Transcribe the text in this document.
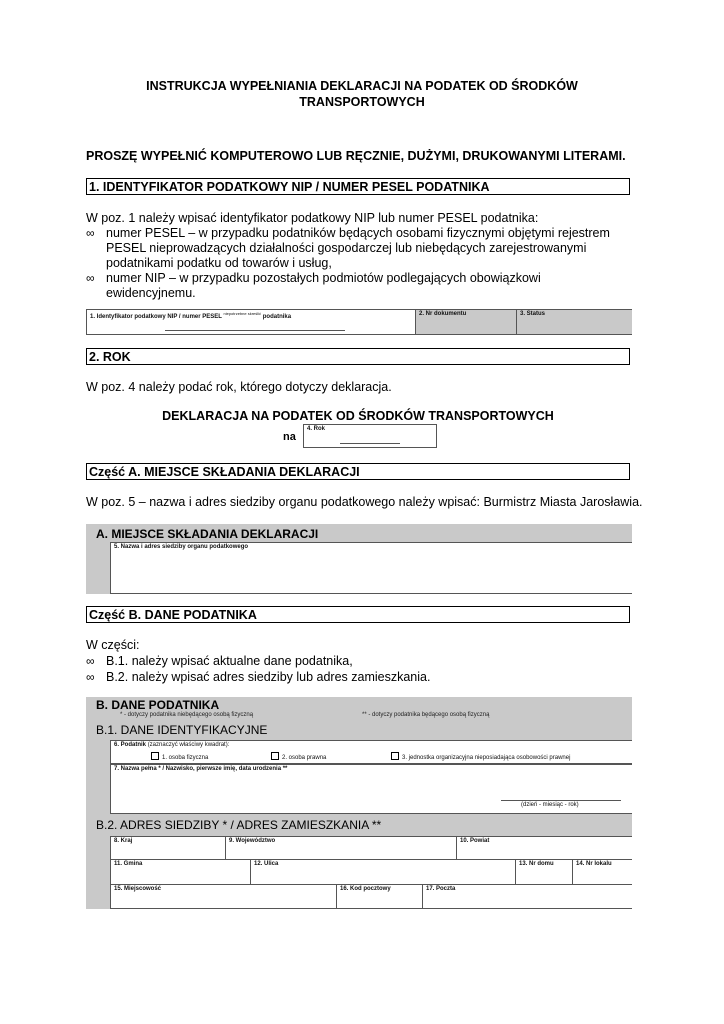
INSTRUKCJA WYPEŁNIANIA DEKLARACJI NA PODATEK OD ŚRODKÓW
TRANSPORTOWYCH
PROSZĘ WYPEŁNIĆ KOMPUTEROWO LUB RĘCZNIE, DUŻYMI, DRUKOWANYMI LITERAMI.
1. IDENTYFIKATOR PODATKOWY NIP / NUMER PESEL PODATNIKA
W poz. 1 należy wpisać identyfikator podatkowy NIP lub numer PESEL podatnika:
∞ numer PESEL – w przypadku podatników będących osobami fizycznymi objętymi rejestrem
PESEL nieprowadzących działalności gospodarczej lub niebędących zarejestrowanymi
podatnikami podatku od towarów i usług,
∞ numer NIP – w przypadku pozostałych podmiotów podlegających obowiązkowi
ewidencyjnemu.
1. Identyfikator podatkowy NIP / numer PESEL $^{niepotrzebne skreślić}$ podatnika	2. Nr dokumentu	3. Status
2. ROK
W poz. 4 należy podać rok, którego dotyczy deklaracja.
DEKLARACJA NA PODATEK OD ŚRODKÓW TRANSPORTOWYCH
na
4. Rok
Część A. MIEJSCE SKŁADANIA DEKLARACJI
W poz. 5 – nazwa i adres siedziby organu podatkowego należy wpisać: Burmistrz Miasta Jarosławia.
A. MIEJSCE SKŁADANIA DEKLARACJI
5. Nazwa i adres siedziby organu podatkowego
Część B. DANE PODATNIKA
W części:
∞ B.1. należy wpisać aktualne dane podatnika,
∞ B.2. należy wpisać adres siedziby lub adres zamieszkania.
B. DANE PODATNIKA
* - dotyczy podatnika niebędącego osobą fizyczną	** - dotyczy podatnika będącego osobą fizyczną
B.1. DANE IDENTYFIKACYJNE
6. Podatnik (zaznaczyć właściwy kwadrat):
1. osoba fizyczna	2. osoba prawna	3. jednostka organizacyjna nieposiadająca osobowości prawnej
7. Nazwa pełna * / Nazwisko, pierwsze imię, data urodzenia **
(dzień - miesiąc - rok)
B.2. ADRES SIEDZIBY * / ADRES ZAMIESZKANIA **
8. Kraj	9. Województwo	10. Powiat
11. Gmina	12. Ulica	13. Nr domu	14. Nr lokalu
15. Miejscowość	16. Kod pocztowy	17. Poczta
